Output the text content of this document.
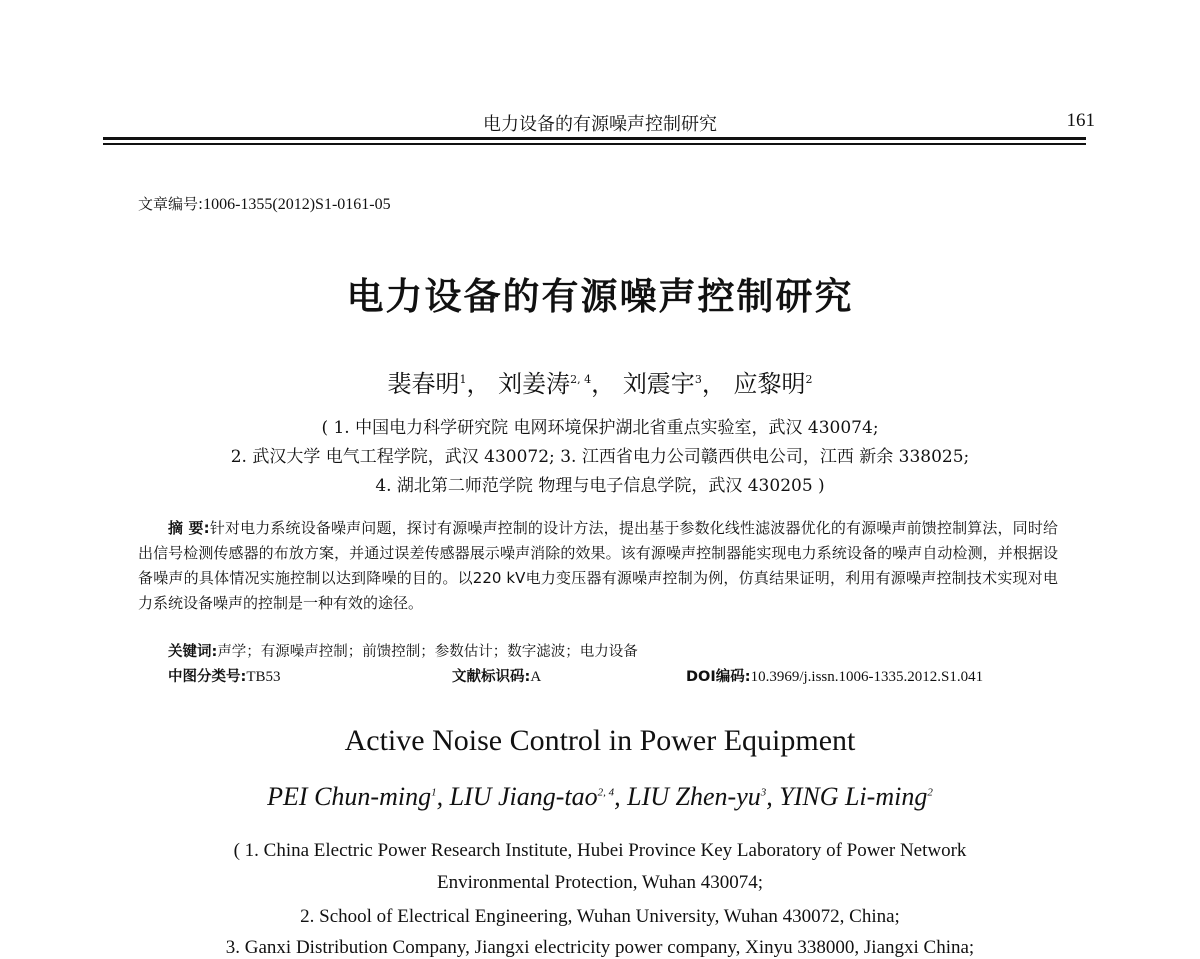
电力设备的有源噪声控制研究	161
文章编号:1006-1355(2012)S1-0161-05
电力设备的有源噪声控制研究
裴春明$^1$， 刘姜涛$^{2, 4}$， 刘震宇$^3$， 应黎明$^2$
( 1. 中国电力科学研究院 电网环境保护湖北省重点实验室，武汉 430074;
2. 武汉大学 电气工程学院，武汉 430072; 3. 江西省电力公司赣西供电公司，江西 新余 338025;
4. 湖北第二师范学院 物理与电子信息学院，武汉 430205 )
摘 要:针对电力系统设备噪声问题，探讨有源噪声控制的设计方法，提出基于参数化线性滤波器优化的有源噪声前馈控制算法，同时给出信号检测传感器的布放方案，并通过误差传感器展示噪声消除的效果。该有源噪声控制器能实现电力系统设备的噪声自动检测，并根据设备噪声的具体情况实施控制以达到降噪的目的。以220 kV电力变压器有源噪声控制为例，仿真结果证明，利用有源噪声控制技术实现对电力系统设备噪声的控制是一种有效的途径。
关键词:声学；有源噪声控制；前馈控制；参数估计；数字滤波；电力设备
中图分类号:TB53	文献标识码:A	DOI编码:10.3969/j.issn.1006-1335.2012.S1.041
Active Noise Control in Power Equipment
PEI Chun-ming$^1$, LIU Jiang-tao$^{2, 4}$, LIU Zhen-$yu^3$, YING Li-ming$^2$
( 1. China Electric Power Research Institute, Hubei Province Key Laboratory of Power Network
Environmental Protection, Wuhan 430074;
2. School of Electrical Engineering, Wuhan University, Wuhan 430072, China;
3. Ganxi Distribution Company, Jiangxi electricity power company, Xinyu 338000, Jiangxi China;
